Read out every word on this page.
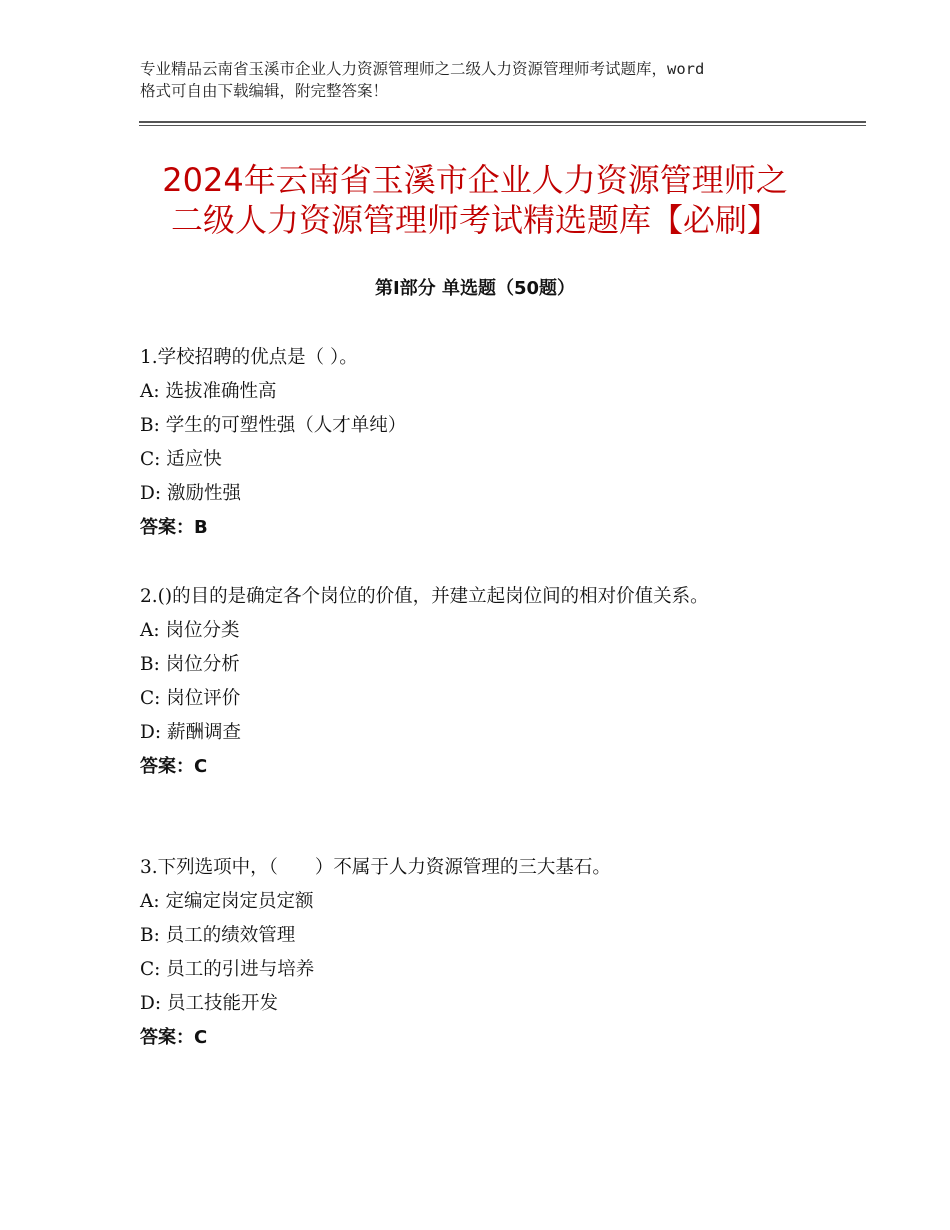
专业精品云南省玉溪市企业人力资源管理师之二级人力资源管理师考试题库，word
格式可自由下载编辑，附完整答案！
2024年云南省玉溪市企业人力资源管理师之
二级人力资源管理师考试精选题库【必刷】
第Ⅰ部分 单选题（50题）
1.学校招聘的优点是（ ）。
A: 选拔准确性高
B: 学生的可塑性强（人才单纯）
C: 适应快
D: 激励性强
答案：B
2.()的目的是确定各个岗位的价值，并建立起岗位间的相对价值关系。
A: 岗位分类
B: 岗位分析
C: 岗位评价
D: 薪酬调查
答案：C
3.下列选项中，（　　）不属于人力资源管理的三大基石。
A: 定编定岗定员定额
B: 员工的绩效管理
C: 员工的引进与培养
D: 员工技能开发
答案：C
